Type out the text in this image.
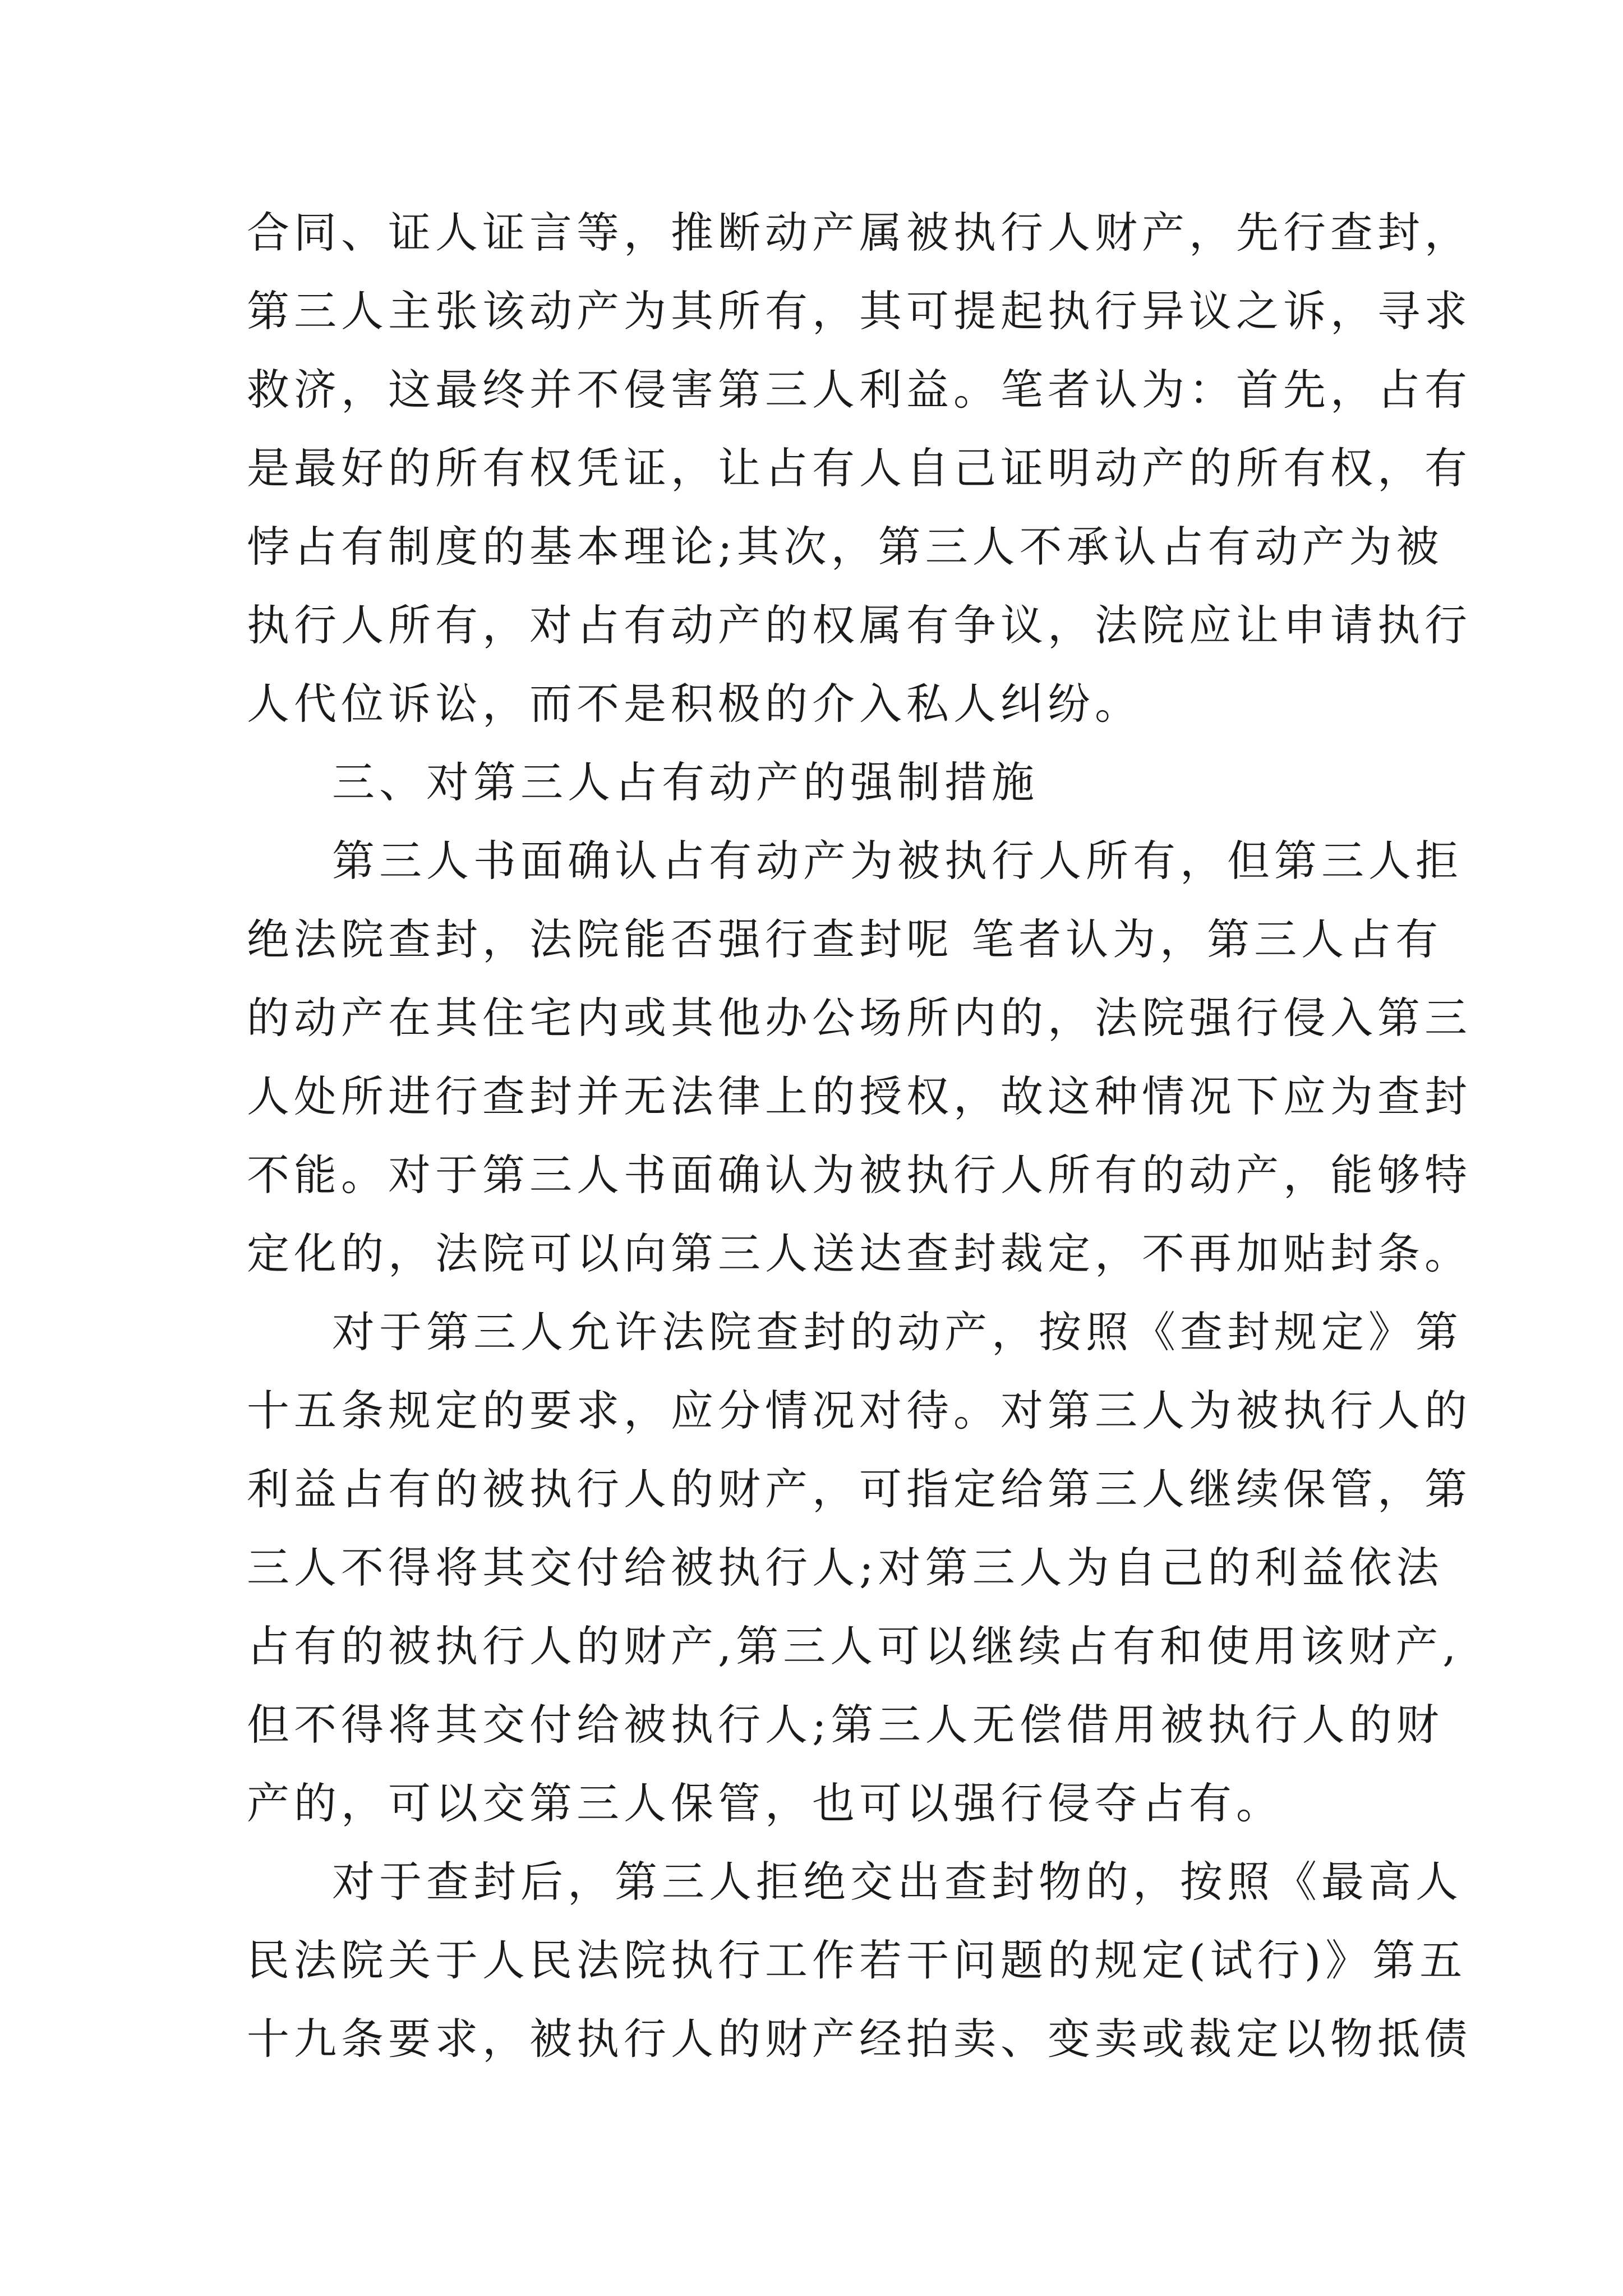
合同、证人证言等，推断动产属被执行人财产，先行查封，
第三人主张该动产为其所有，其可提起执行异议之诉，寻求
救济，这最终并不侵害第三人利益。笔者认为：首先，占有
是最好的所有权凭证，让占有人自己证明动产的所有权，有
悖占有制度的基本理论;其次，第三人不承认占有动产为被
执行人所有，对占有动产的权属有争议，法院应让申请执行
人代位诉讼，而不是积极的介入私人纠纷。
三、对第三人占有动产的强制措施
第三人书面确认占有动产为被执行人所有，但第三人拒
绝法院查封，法院能否强行查封呢 笔者认为，第三人占有
的动产在其住宅内或其他办公场所内的，法院强行侵入第三
人处所进行查封并无法律上的授权，故这种情况下应为查封
不能。对于第三人书面确认为被执行人所有的动产，能够特
定化的，法院可以向第三人送达查封裁定，不再加贴封条。
对于第三人允许法院查封的动产，按照《查封规定》第
十五条规定的要求，应分情况对待。对第三人为被执行人的
利益占有的被执行人的财产，可指定给第三人继续保管，第
三人不得将其交付给被执行人;对第三人为自己的利益依法
占有的被执行人的财产,第三人可以继续占有和使用该财产,
但不得将其交付给被执行人;第三人无偿借用被执行人的财
产的，可以交第三人保管，也可以强行侵夺占有。
对于查封后，第三人拒绝交出查封物的，按照《最高人
民法院关于人民法院执行工作若干问题的规定(试行)》第五
十九条要求，被执行人的财产经拍卖、变卖或裁定以物抵债
